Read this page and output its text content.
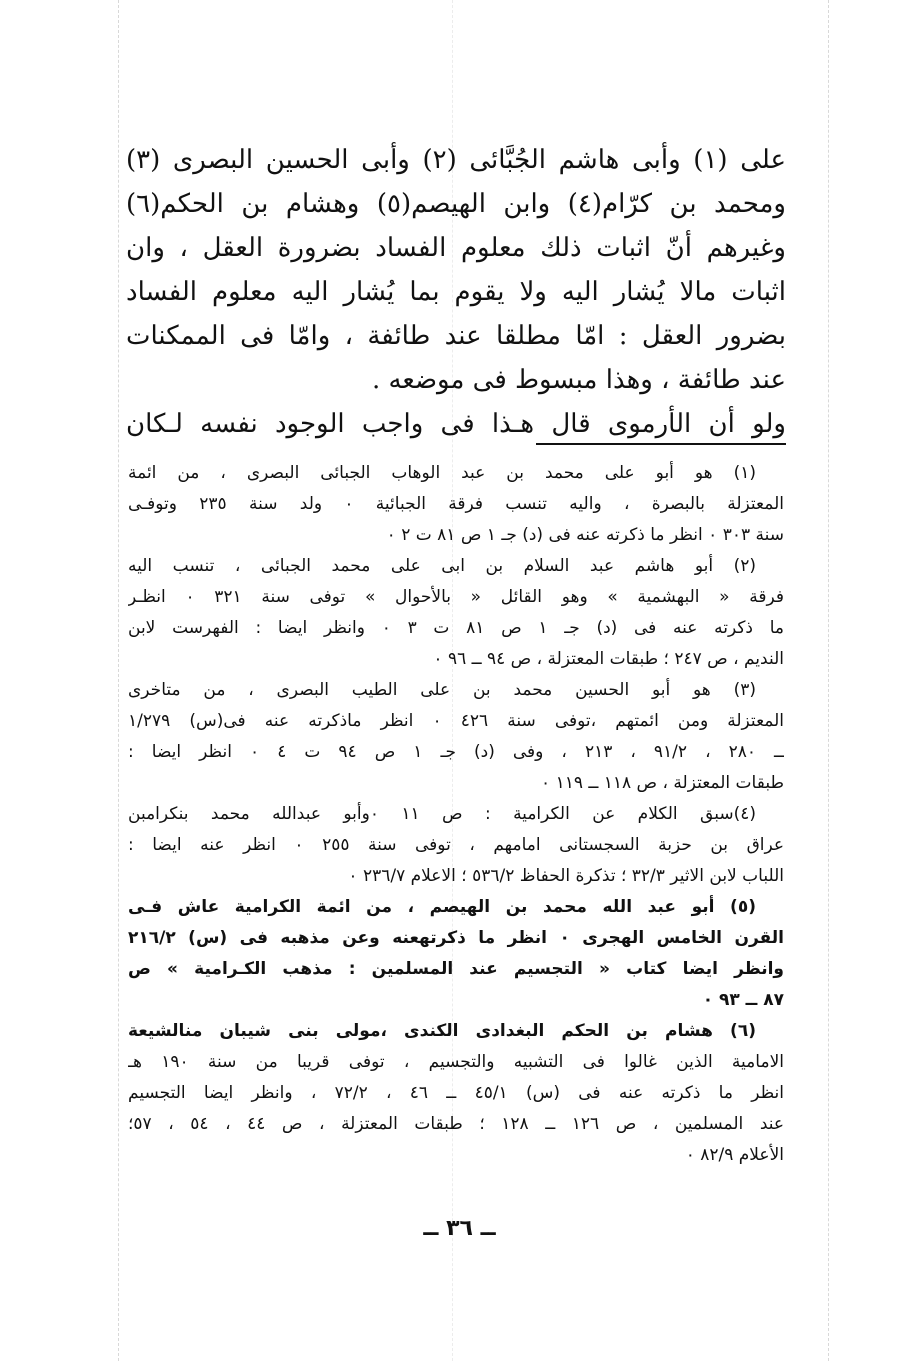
على (١) وأبى هاشم الجُبَّائى (٢) وأبى الحسين البصرى (٣)
ومحمد بن كرّام(٤) وابن الهيصم(٥) وهشام بن الحكم(٦)
وغيرهم أنّ اثبات ذلك معلوم الفساد بضرورة العقل ، وان
اثبات مالا يُشار اليه ولا يقوم بما يُشار اليه معلوم الفساد
بضرور العقل : امّا مطلقا عند طائفة ، وامّا فى الممكنات
عند طائفة ، وهذا مبسوط فى موضعه .
ولو أن الأرموى قال هـذا فى واجب الوجود نفسه لـكان
(١) هو أبو على محمد بن عبد الوهاب الجبائى البصرى ، من ائمة
المعتزلة بالبصرة ، واليه تنسب فرقة الجبائية ٠ ولد سنة ٢٣٥ وتوفـى
سنة ٣٠٣ ٠ انظر ما ذكرته عنه فى (د) جـ ١ ص ٨١ ت ٢ ٠
(٢) أبو هاشم عبد السلام بن ابى على محمد الجبائى ، تنسب اليه
فرقة « البهشمية » وهو القائل « بالأحوال » توفى سنة ٣٢١ ٠ انظـر
ما ذكرته عنه فى (د) جـ ١ ص ٨١ ت ٣ ٠ وانظر ايضا : الفهرست لابن
النديم ، ص ٢٤٧ ؛ طبقات المعتزلة ، ص ٩٤ ــ ٩٦ ٠
(٣) هو أبو الحسين محمد بن على الطيب البصرى ، من متاخرى
المعتزلة ومن ائمتهم ،توفى سنة ٤٢٦ ٠ انظر ماذكرته عنه فى(س) ١/٢٧٩
ــ ٢٨٠ ، ٩١/٢ ، ٢١٣ ، وفى (د) جـ ١ ص ٩٤ ت ٤ ٠ انظر ايضا :
طبقات المعتزلة ، ص ١١٨ ــ ١١٩ ٠
(٤)سبق الكلام عن الكرامية : ص ١١ ٠وأبو عبدالله محمد بنكرامبن
عراق بن حزبة السجستانى امامهم ، توفى سنة ٢٥٥ ٠ انظر عنه ايضا :
اللباب لابن الاثير ٣٢/٣ ؛ تذكرة الحفاظ ٥٣٦/٢ ؛ الاعلام ٢٣٦/٧ ٠
(٥) أبو عبد الله محمد بن الهيصم ، من ائمة الكرامية عاش فـى
القرن الخامس الهجرى ٠ انظر ما ذكرتهعنه وعن مذهبه فى (س) ٢١٦/٢
وانظر ايضا كتاب « التجسيم عند المسلمين : مذهب الكـرامية » ص
٨٧ ــ ٩٣ ٠
(٦) هشام بن الحكم البغدادى الكندى ،مولى بنى شيبان منالشيعة
الامامية الذين غالوا فى التشبيه والتجسيم ، توفى قريبا من سنة ١٩٠ هـ
انظر ما ذكرته عنه فى (س) ٤٥/١ ــ ٤٦ ، ٧٢/٢ ، وانظر ايضا التجسيم
عند المسلمين ، ص ١٢٦ ــ ١٢٨ ؛ طبقات المعتزلة ، ص ٤٤ ، ٥٤ ، ٥٧؛
الأعلام ٨٢/٩ ٠
ــ ٣٦ ــ
